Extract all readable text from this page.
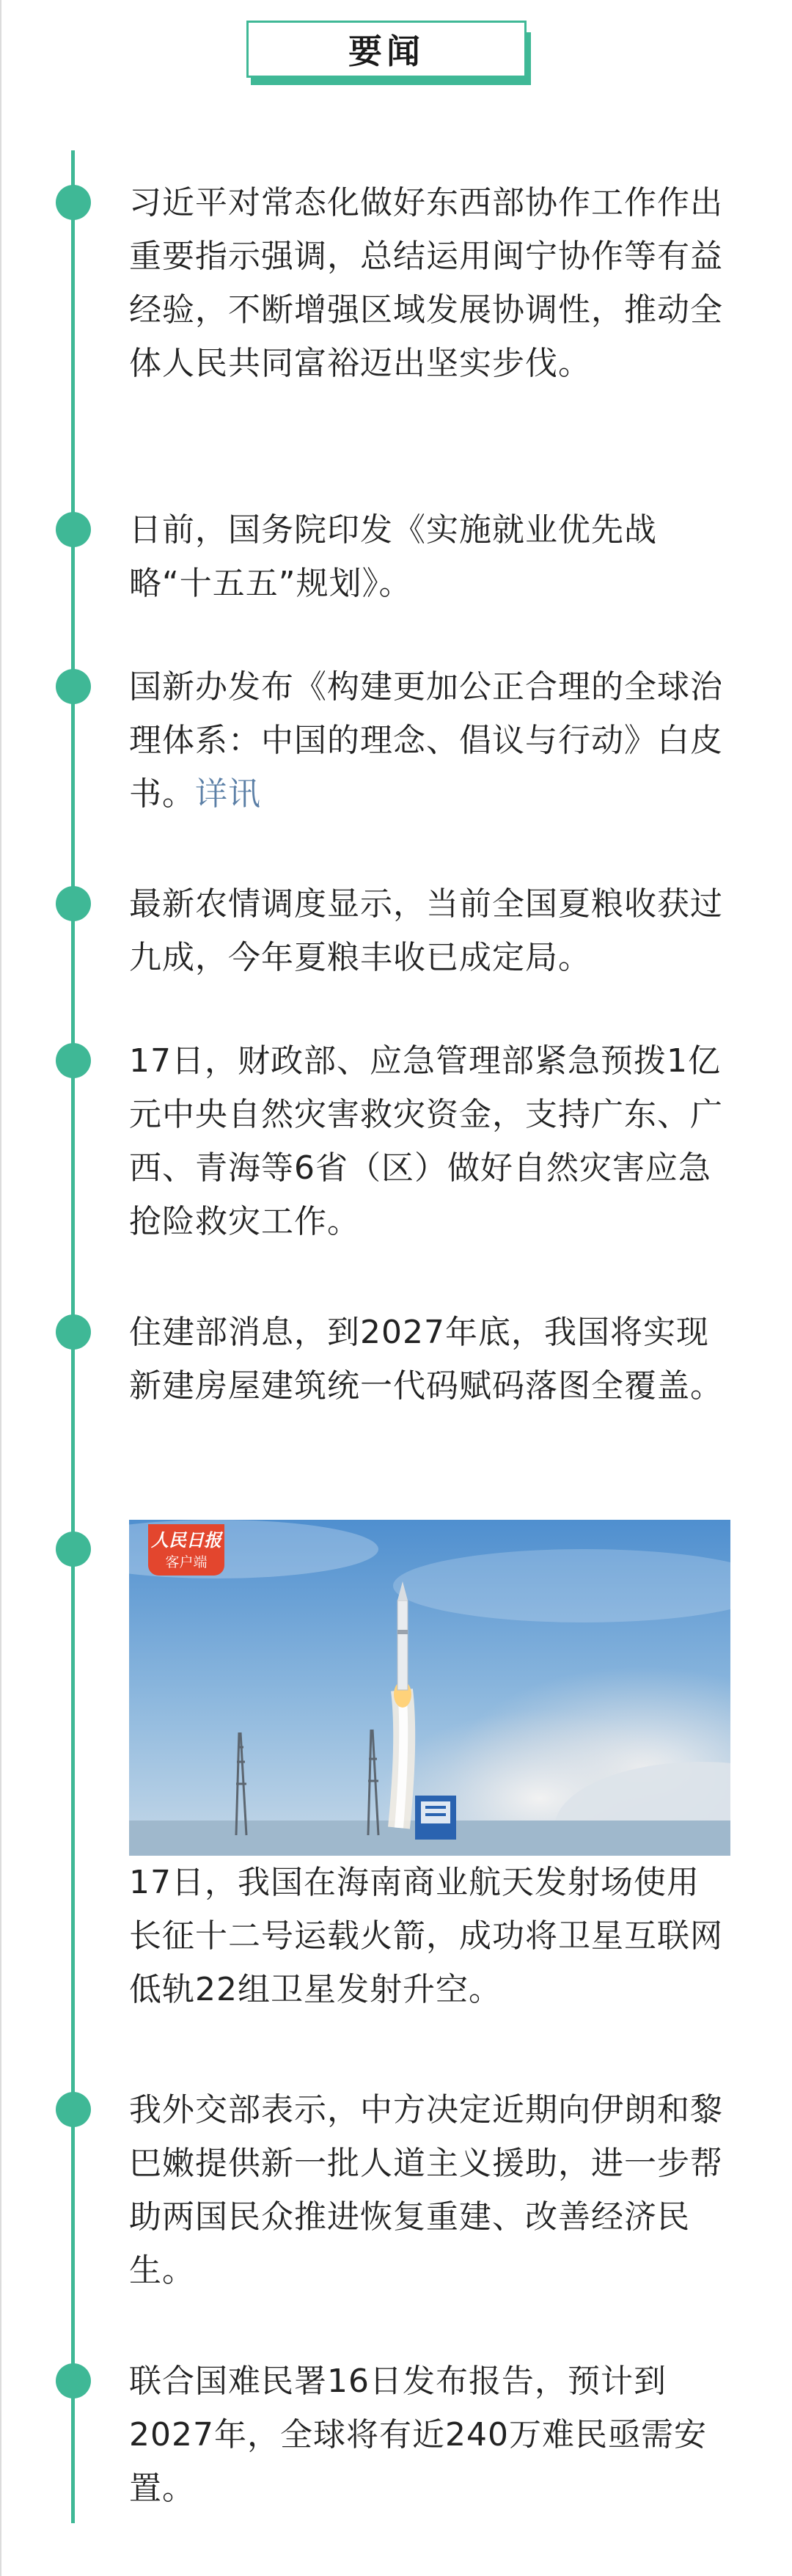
要闻
习近平对常态化做好东西部协作工作作出重要指示强调，总结运用闽宁协作等有益经验，不断增强区域发展协调性，推动全体人民共同富裕迈出坚实步伐。
日前，国务院印发《实施就业优先战略“十五五”规划》。
国新办发布《构建更加公正合理的全球治理体系：中国的理念、倡议与行动》白皮书。详讯
最新农情调度显示，当前全国夏粮收获过九成，今年夏粮丰收已成定局。
17日，财政部、应急管理部紧急预拨1亿元中央自然灾害救灾资金，支持广东、广西、青海等6省（区）做好自然灾害应急抢险救灾工作。
住建部消息，到2027年底，我国将实现新建房屋建筑统一代码赋码落图全覆盖。
人民日报
客户端
17日，我国在海南商业航天发射场使用长征十二号运载火箭，成功将卫星互联网低轨22组卫星发射升空。
我外交部表示，中方决定近期向伊朗和黎巴嫩提供新一批人道主义援助，进一步帮助两国民众推进恢复重建、改善经济民生。
联合国难民署16日发布报告，预计到2027年，全球将有近240万难民亟需安置。
